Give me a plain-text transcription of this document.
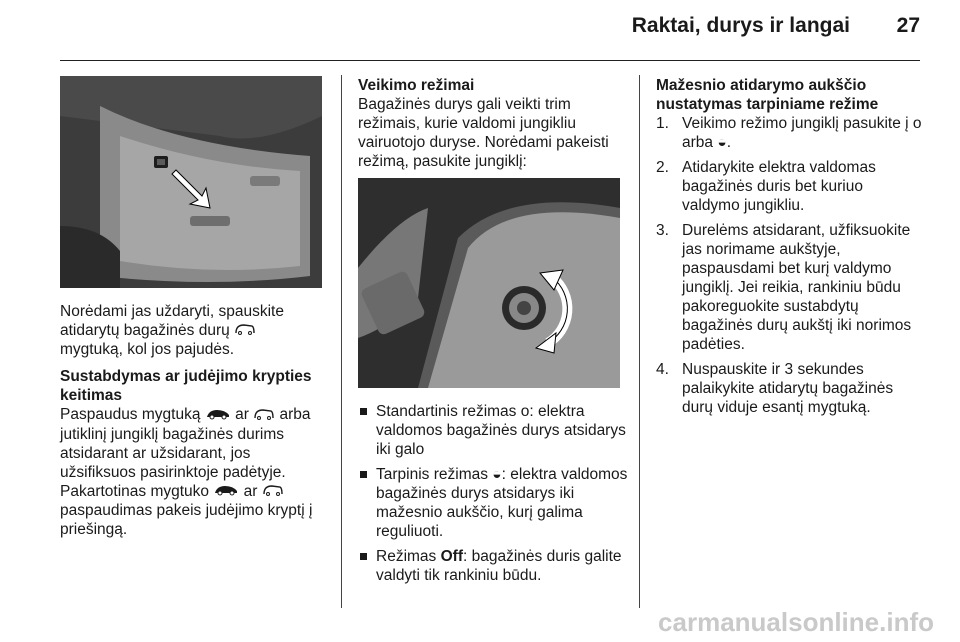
Raktai, durys ir langai 27

Norėdami jas uždaryti, spauskite atidarytų bagažinės durų
mygtuką, kol jos pajudės.

Sustabdymas ar judėjimo krypties keitimas

Paspaudus mygtuką ar arba jutiklinį jungiklį bagažinės durims atsidarant ar užsidarant, jos užsifiksuos pasirinktoje padėtyje. Pakartotinas mygtuko ar
paspaudimas pakeis judėjimo kryptį į priešingą.

Veikimo režimai

Bagažinės durys gali veikti trim režimais, kurie valdomi jungikliu vairuotojo duryse. Norėdami pakeisti režimą, pasukite jungiklį:

Standartinis režimas o: elektra valdomos bagažinės durys atsidarys iki galo

Tarpinis režimas ◒: elektra valdomos bagažinės durys atsidarys iki mažesnio aukščio, kurį galima reguliuoti.

Režimas Off: bagažinės duris galite valdyti tik rankiniu būdu.

Mažesnio atidarymo aukščio nustatymas tarpiniame režime

1. Veikimo režimo jungiklį pasukite į o arba ◒.

2. Atidarykite elektra valdomas bagažinės duris bet kuriuo valdymo jungikliu.

3. Durelėms atsidarant, užfiksuokite jas norimame aukštyje, paspausdami bet kurį valdymo jungiklį. Jei reikia, rankiniu būdu pakoreguokite sustabdytų bagažinės durų aukštį iki norimos padėties.

4. Nuspauskite ir 3 sekundes palaikykite atidarytų bagažinės durų viduje esantį mygtuką.

carmanualsonline.info
